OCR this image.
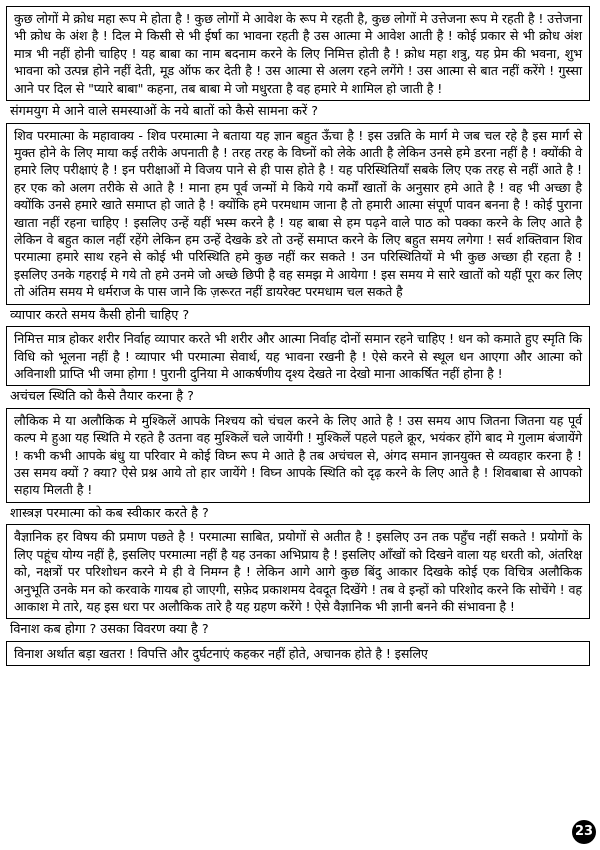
कुछ लोगों मे क्रोध महा रूप मे होता है ! कुछ लोगों मे आवेश के रूप मे रहती है, कुछ लोगों मे उत्तेजना रूप मे रहती है ! उत्तेजना भी क्रोध के अंश है ! दिल मे किसी से भी ईर्षा का भावना रहती है उस आत्मा मे आवेश आती है ! कोई प्रकार से भी क्रोध अंश मात्र भी नहीं होनी चाहिए ! यह बाबा का नाम बदनाम करने के लिए निमित्त होती है ! क्रोध महा शत्रु, यह प्रेम की भवना, शुभ भावना को उत्पन्न होने नहीं देती, मूड ऑफ कर देती है ! उस आत्मा से अलग रहने लगेंगे ! उस आत्मा से बात नहीं करेंगे ! गुस्सा आने पर दिल से "प्यारे बाबा" कहना, तब बाबा मे जो मधुरता है वह हमारे मे शामिल हो जाती है !

संगमयुग मे आने वाले समस्याओं के नये बातों को कैसे सामना करें ?

शिव परमात्मा के महावाक्य - शिव परमात्मा ने बताया यह ज्ञान बहुत ऊँचा है ! इस उन्नति के मार्ग मे जब चल रहे है इस मार्ग से मुक्त होने के लिए माया कई तरीके अपनाती है ! तरह तरह के विघ्नों को लेके आती है लेकिन उनसे हमे डरना नहीं है ! क्योंकी वे हमारे लिए परीक्षाएं है ! इन परीक्षाओं मे विजय पाने से ही पास होते है ! यह परिस्थितियाँ सबके लिए एक तरह से नहीं आते है ! हर एक को अलग तरीके से आते है ! माना हम पूर्व जन्मों मे किये गये कर्मों खातों के अनुसार हमे आते है ! वह भी अच्छा है क्योंकि उनसे हमारे खाते समाप्त हो जाते है ! क्योंकि हमे परमधाम जाना है तो हमारी आत्मा संपूर्ण पावन बनना है ! कोई पुराना खाता नहीं रहना चाहिए ! इसलिए उन्हें यहीं भस्म करने है ! यह बाबा से हम पढ़ने वाले पाठ को पक्का करने के लिए आते है लेकिन वे बहुत काल नहीं रहेंगे लेकिन हम उन्हें देखके डरे तो उन्हें समाप्त करने के लिए बहुत समय लगेगा ! सर्व शक्तिवान शिव परमात्मा हमारे साथ रहने से कोई भी परिस्थिति हमे कुछ नहीं कर सकते ! उन परिस्थितियों मे भी कुछ अच्छा ही रहता है ! इसलिए उनके गहराई मे गये तो हमे उनमे जो अच्छे छिपी है वह समझ मे आयेगा ! इस समय मे सारे खातों को यहीं पूरा कर लिए तो अंतिम समय मे धर्मराज के पास जाने कि ज़रूरत नहीं डायरेक्ट परमधाम चल सकते है

व्यापार करते समय कैसी होनी चाहिए ?

निमित्त मात्र होकर शरीर निर्वाह व्यापार करते भी शरीर और आत्मा निर्वाह दोनों समान रहने चाहिए ! धन को कमाते हुए स्मृति कि विधि को भूलना नहीं है ! व्यापार भी परमात्मा सेवार्थ, यह भावना रखनी है ! ऐसे करने से स्थूल धन आएगा और आत्मा को अविनाशी प्राप्ति भी जमा होगा ! पुरानी दुनिया मे आकर्षणीय दृश्य देखते ना देखो माना आकर्षित नहीं होना है !

अचंचल स्थिति को कैसे तैयार करना है ?

लौकिक मे या अलौकिक मे मुश्किलें आपके निश्चय को चंचल करने के लिए आते है ! उस समय आप जितना जितना यह पूर्व कल्प मे हुआ यह स्थिति मे रहते है उतना वह मुश्किलें चले जायेंगी ! मुश्किलें पहले पहले क्रूर, भयंकर होंगे बाद मे गुलाम बंजायेंगे ! कभी कभी आपके बंधु या परिवार मे कोई विघ्न रूप मे आते है तब अचंचल से, अंगद समान ज्ञानयुक्त से व्यवहार करना है ! उस समय क्यों ? क्या? ऐसे प्रश्न आये तो हार जायेंगे ! विघ्न आपके स्थिति को दृढ़ करने के लिए आते है ! शिवबाबा से आपको सहाय मिलती है !

शास्त्रज्ञ परमात्मा को कब स्वीकार करते है ?

वैज्ञानिक हर विषय की प्रमाण पछते है ! परमात्मा साबित, प्रयोगों से अतीत है ! इसलिए उन तक पहुँच नहीं सकते ! प्रयोगों के लिए पहूंच योग्य नहीं है, इसलिए परमात्मा नहीं है यह उनका अभिप्राय है ! इसलिए आँखों को दिखने वाला यह धरती को, अंतरिक्ष को, नक्षत्रों पर परिशोधन करने मे ही वे निमग्न है ! लेकिन आगे आगे कुछ बिंदु आकार दिखके कोई एक विचित्र अलौकिक अनुभूति उनके मन को करवाके गायब हो जाएगी, सफ़ेद प्रकाशमय देवदूत दिखेंगे ! तब वे इन्हों को परिशोद करने कि सोचेंगे ! वह आकाश मे तारे, यह इस धरा पर अलौकिक तारे है यह ग्रहण करेंगे ! ऐसे वैज्ञानिक भी ज्ञानी बनने की संभावना है !

विनाश कब होगा ? उसका विवरण क्या है ?

विनाश अर्थात बड़ा खतरा ! विपत्ति और दुर्घटनाएं कहकर नहीं होते, अचानक होते है ! इसलिए

23
